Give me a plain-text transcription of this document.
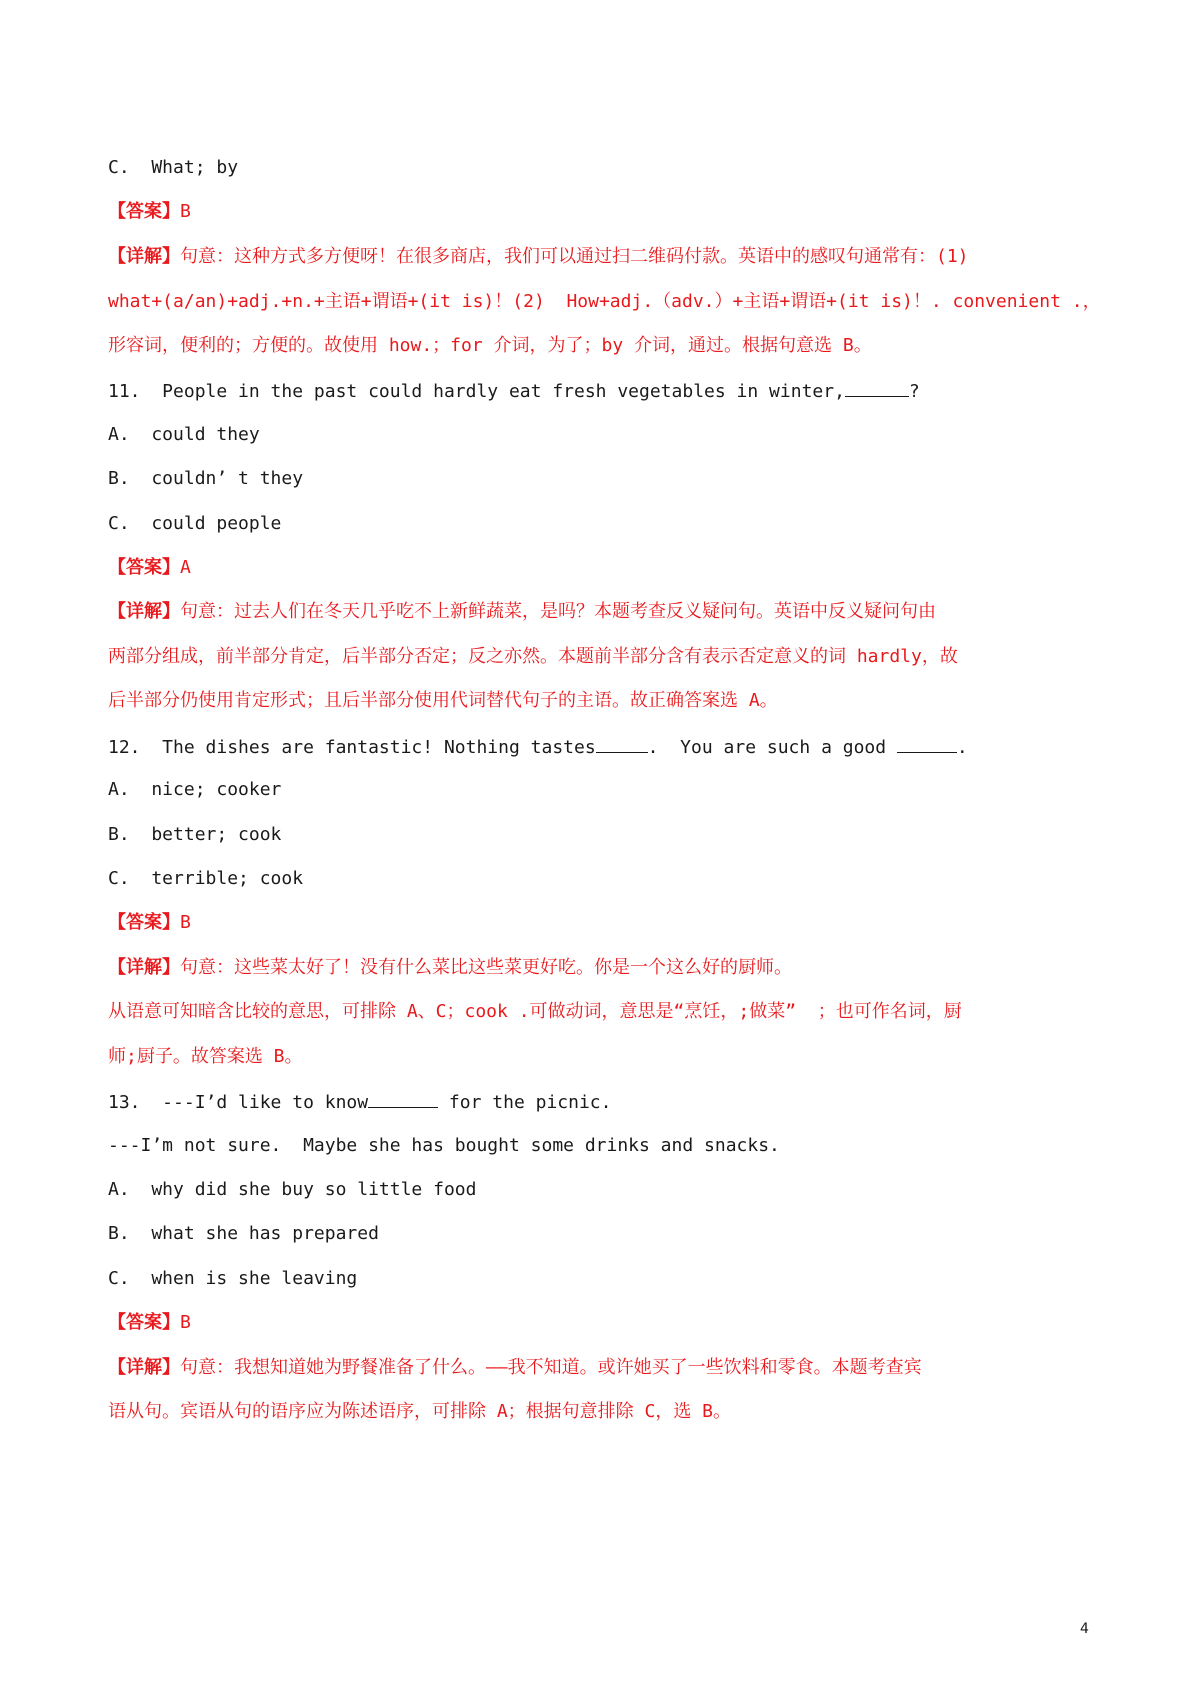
C.  What; by
【答案】B
【详解】句意：这种方式多方便呀！在很多商店，我们可以通过扫二维码付款。英语中的感叹句通常有：(1)
what+(a/an)+adj.+n.+主语+谓语+(it is)！(2)  How+adj.（adv.）+主语+谓语+(it is)！. convenient .，
形容词，便利的；方便的。故使用 how.；for 介词，为了；by 介词，通过。根据句意选 B。
11.  People in the past could hardly eat fresh vegetables in winter,	?
A.  could they
B.  couldn’ t they
C.  could people
【答案】A
【详解】句意：过去人们在冬天几乎吃不上新鲜蔬菜，是吗？本题考查反义疑问句。英语中反义疑问句由
两部分组成，前半部分肯定，后半部分否定；反之亦然。本题前半部分含有表示否定意义的词 hardly，故
后半部分仍使用肯定形式；且后半部分使用代词替代句子的主语。故正确答案选 A。
12.  The dishes are fantastic! Nothing tastes	.  You are such a good	.
A.  nice; cooker
B.  better; cook
C.  terrible; cook
【答案】B
【详解】句意：这些菜太好了！没有什么菜比这些菜更好吃。你是一个这么好的厨师。
从语意可知暗含比较的意思，可排除 A、C；cook .可做动词，意思是“烹饪，;做菜”  ；也可作名词，厨
师;厨子。故答案选 B。
13.  ---I’d like to know	for the picnic.
---I’m not sure.  Maybe she has bought some drinks and snacks.
A.  why did she buy so little food
B.  what she has prepared
C.  when is she leaving
【答案】B
【详解】句意：我想知道她为野餐准备了什么。——我不知道。或许她买了一些饮料和零食。本题考查宾
语从句。宾语从句的语序应为陈述语序，可排除 A；根据句意排除 C，选 B。
4
